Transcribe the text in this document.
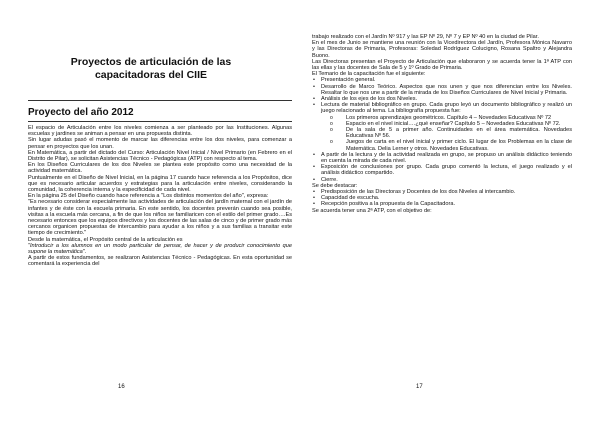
Proyectos de articulación de las
capacitadoras del CIIE
Proyecto del año 2012

El espacio de Articulación entre los niveles comienza a ser planteado por las Instituciones. Algunas escuelas y jardines se animan a pensar en una propuesta distinta.

Sin lugar adudas pasó el momento de marcar las diferencias entre los dos niveles, para comenzar a pensar en proyectos que los unan.

En Matemática, a partir del dictado del Curso: Articulación Nivel Inicial / Nivel Primario (en Febrero en el Distrito de Pilar), se solicitan Asistencias Técnico - Pedagógicas (ATP) con respecto al tema.

En los Diseños Curriculares de los dos Niveles se plantea este propósito como una necesidad de la actividad matemática.

Puntualmente en el Diseño de Nivel Inicial, en la página 17 cuando hace referencia a los Propósitos, dice que es necesario articular acuerdos y estrategias para la articulación entre niveles, considerando la comunidad, la coherencia interna y la especificidad de cada nivel.

En la página 25 del Diseño cuando hace referencia a "Los distintos momentos del año", expresa:

"Es necesario considerar especialmente las actividades de articulación del jardín maternal con el jardín de infantes y de éste con la escuela primaria. En este sentido, los docentes preverán cuando sea posible, visitas a la escuela más cercana, a fin de que los niños se familiaricen con el estilo del primer grado….Es necesario entonces que los equipos directivos y los docentes de las salas de cinco y de primer grado más cercanos organicen propuestas de intercambio para ayudar a los niños y a sus familias a transitar este tiempo de crecimiento."

Desde la matemática, el Propósito central de la articulación es

"Introducir a los alumnos en un modo particular de pensar, de hacer y de producir conocimiento que supone la matemática".

A partir de estos fundamentos, se realizaron Asistencias Técnico - Pedagógicas. En esta oportunidad se comentará la experiencia del

16

trabajo realizado con el Jardín Nº 917 y las EP Nº 29, Nº 7 y EP Nº 40 en la ciudad de Pilar.

En el mes de Junio se mantiene una reunión con la Vicedirectora del Jardín, Profesora Mónica Navarro y las Directoras de Primaria, Profesoras: Soledad Rodríguez Colucigno, Rosana Spaltro y Alejandra Buono.

Las Directoras presentan el Proyecto de Articulación que elaboraron y se acuerda tener la 1ª ATP con las ellas y las docentes de Sala de 5 y 1º Grado de Primaria.

El Temario de la capacitación fue el siguiente:

• Presentación general.
• Desarrollo de Marco Teórico. Aspectos que nos unen y que nos diferencian entre los Niveles. Resaltar lo que nos une a partir de la mirada de los Diseños Curriculares de Nivel Inicial y Primaria.
• Análisis de los ejes de los dos Niveles.
• Lectura de material bibliográfico en grupo. Cada grupo leyó un documento bibliográfico y realizó un juego relacionado al tema. La bibliografía propuesta fue:
o Los primeros aprendizajes geométricos. Capítulo 4 – Novedades Educativas Nº 72
o Espacio en el nivel inicial….¿qué enseñar? Capítulo 5 – Novedades Educativas Nº 72.
o De la sala de 5 a primer año. Continuidades en el área matemática. Novedades Educativas Nº 56.
o Juegos de carta en el nivel inicial y primer ciclo. El lugar de los Problemas en la clase de Matemática. Delia Lerner y otros. Novedades Educativas.
• A partir de la lectura y de la actividad realizada en grupo, se propuso un análisis didáctico teniendo en cuenta la mirada de cada nivel.
• Exposición de conclusiones por grupo. Cada grupo comentó la lectura, el juego realizado y el análisis didáctico compartido.
• Cierre.

Se debe destacar:

• Predisposición de las Directoras y Docentes de los dos Niveles al intercambio.
• Capacidad de escucha.
• Recepción positiva a la propuesta de la Capacitadora.

Se acuerda tener una 2ª ATP, con el objetivo de:

17
